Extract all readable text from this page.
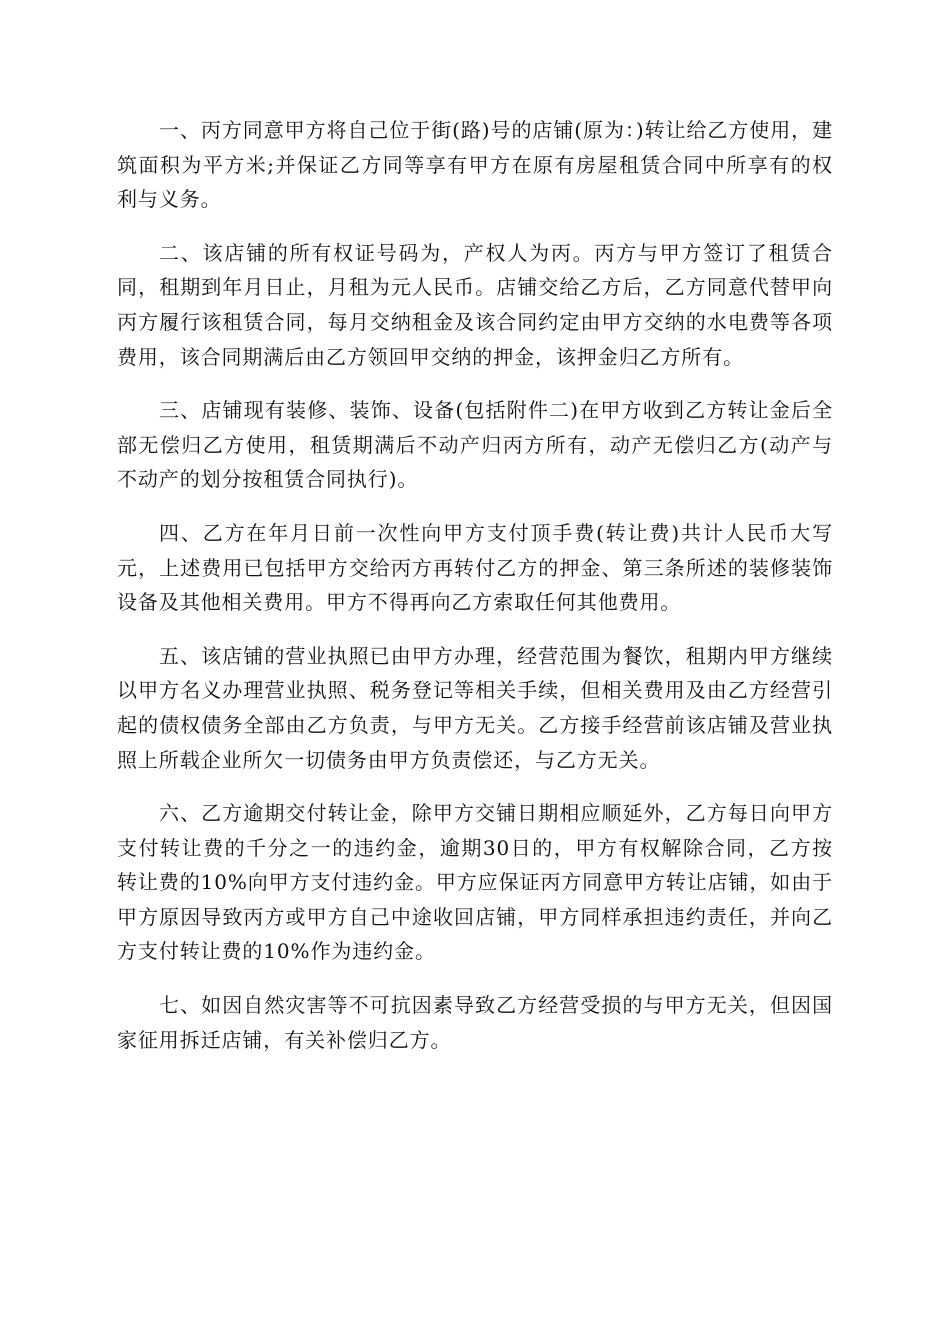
一、丙方同意甲方将自己位于街(路)号的店铺(原为：)转让给乙方使用，建筑面积为平方米;并保证乙方同等享有甲方在原有房屋租赁合同中所享有的权利与义务。

二、该店铺的所有权证号码为，产权人为丙。丙方与甲方签订了租赁合同，租期到年月日止，月租为元人民币。店铺交给乙方后，乙方同意代替甲向丙方履行该租赁合同，每月交纳租金及该合同约定由甲方交纳的水电费等各项费用，该合同期满后由乙方领回甲交纳的押金，该押金归乙方所有。

三、店铺现有装修、装饰、设备(包括附件二)在甲方收到乙方转让金后全部无偿归乙方使用，租赁期满后不动产归丙方所有，动产无偿归乙方(动产与不动产的划分按租赁合同执行)。

四、乙方在年月日前一次性向甲方支付顶手费(转让费)共计人民币大写元，上述费用已包括甲方交给丙方再转付乙方的押金、第三条所述的装修装饰设备及其他相关费用。甲方不得再向乙方索取任何其他费用。

五、该店铺的营业执照已由甲方办理，经营范围为餐饮，租期内甲方继续以甲方名义办理营业执照、税务登记等相关手续，但相关费用及由乙方经营引起的债权债务全部由乙方负责，与甲方无关。乙方接手经营前该店铺及营业执照上所载企业所欠一切债务由甲方负责偿还，与乙方无关。

六、乙方逾期交付转让金，除甲方交铺日期相应顺延外，乙方每日向甲方支付转让费的千分之一的违约金，逾期30日的，甲方有权解除合同，乙方按转让费的10%向甲方支付违约金。甲方应保证丙方同意甲方转让店铺，如由于甲方原因导致丙方或甲方自己中途收回店铺，甲方同样承担违约责任，并向乙方支付转让费的10%作为违约金。

七、如因自然灾害等不可抗因素导致乙方经营受损的与甲方无关，但因国家征用拆迁店铺，有关补偿归乙方。
